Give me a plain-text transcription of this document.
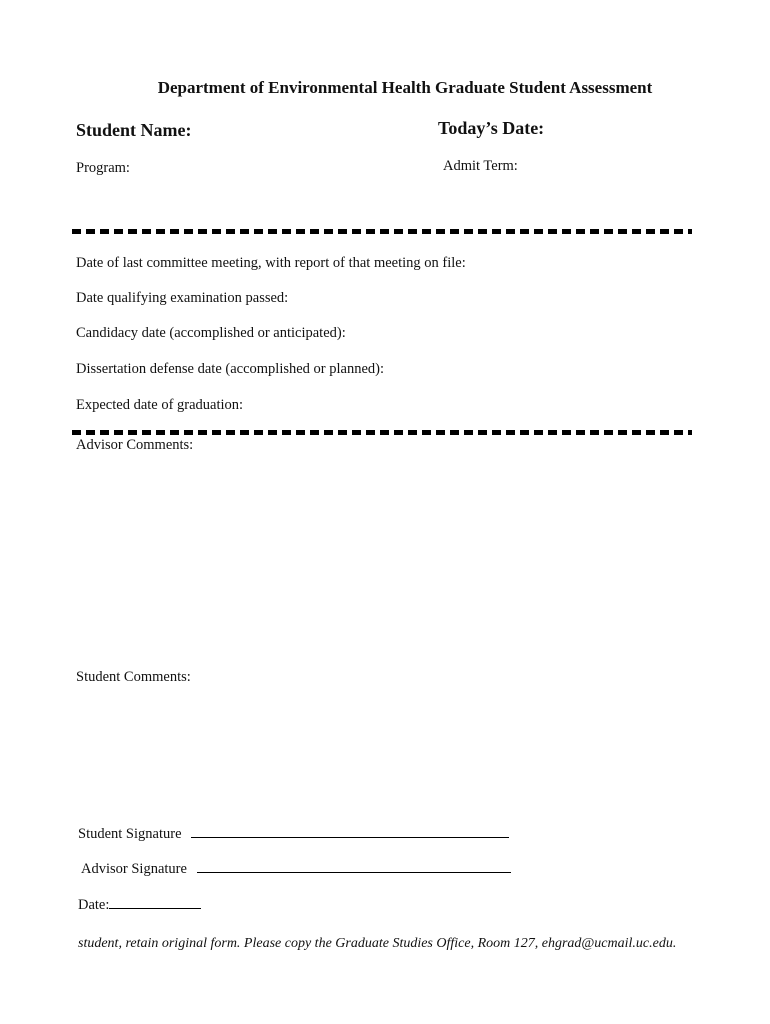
Department of Environmental Health Graduate Student Assessment
Student Name:	Today’s Date:
Program:	Admit Term:
Date of last committee meeting, with report of that meeting on file:
Date qualifying examination passed:
Candidacy date (accomplished or anticipated):
Dissertation defense date (accomplished or planned):
Expected date of graduation:
Advisor Comments:
Student Comments:
Student Signature
Advisor Signature
Date:
student, retain original form. Please copy the Graduate Studies Office, Room 127, ehgrad@ucmail.uc.edu.
